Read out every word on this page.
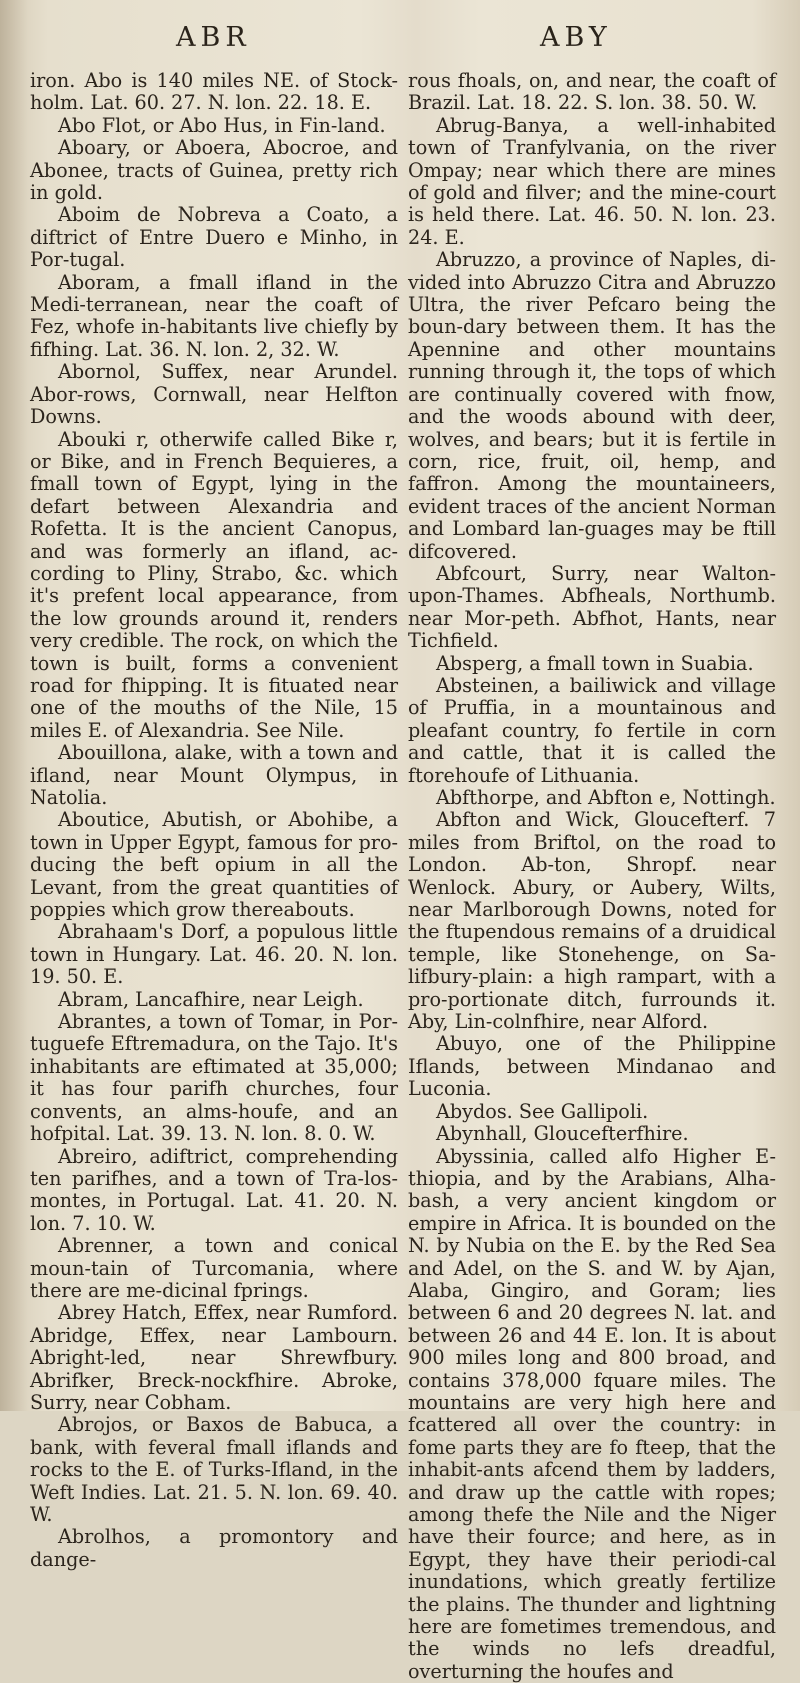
ABR	ABY

iron. Abo is 140 miles NE. of Stock-holm. Lat. 60. 27. N. lon. 22. 18. E.

Abo Flot, or Abo Hus, in Fin-land.

Aboary, or Aboera, Abocroe, and Abonee, tracts of Guinea, pretty rich in gold.

Aboim de Nobreva a Coato, a diftrict of Entre Duero e Minho, in Por-tugal.

Aboram, a fmall ifland in the Medi-terranean, near the coaft of Fez, whofe in-habitants live chiefly by fifhing. Lat. 36. N. lon. 2, 32. W.

Abornol, Suffex, near Arundel. Abor-rows, Cornwall, near Helfton Downs.

Abouki r, otherwife called Bike r, or Bike, and in French Bequieres, a fmall town of Egypt, lying in the defart between Alexandria and Rofetta. It is the ancient Canopus, and was formerly an ifland, ac-cording to Pliny, Strabo, &c. which it's prefent local appearance, from the low grounds around it, renders very credible. The rock, on which the town is built, forms a convenient road for fhipping. It is fituated near one of the mouths of the Nile, 15 miles E. of Alexandria. See Nile.

Abouillona, alake, with a town and ifland, near Mount Olympus, in Natolia.

Aboutice, Abutish, or Abohibe, a town in Upper Egypt, famous for pro-ducing the beft opium in all the Levant, from the great quantities of poppies which grow thereabouts.

Abrahaam's Dorf, a populous little town in Hungary. Lat. 46. 20. N. lon. 19. 50. E.

Abram, Lancafhire, near Leigh.

Abrantes, a town of Tomar, in Por-tuguefe Eftremadura, on the Tajo. It's inhabitants are eftimated at 35,000; it has four parifh churches, four convents, an alms-houfe, and an hofpital. Lat. 39. 13. N. lon. 8. 0. W.

Abreiro, adiftrict, comprehending ten parifhes, and a town of Tra-los-montes, in Portugal. Lat. 41. 20. N. lon. 7. 10. W.

Abrenner, a town and conical moun-tain of Turcomania, where there are me-dicinal fprings.

Abrey Hatch, Effex, near Rumford. Abridge, Effex, near Lambourn. Abright-led, near Shrewfbury. Abrifker, Breck-nockfhire. Abroke, Surry, near Cobham.

Abrojos, or Baxos de Babuca, a bank, with feveral fmall iflands and rocks to the E. of Turks-Ifland, in the Weft Indies. Lat. 21. 5. N. lon. 69. 40. W.

Abrolhos, a promontory and dange-

rous fhoals, on, and near, the coaft of Brazil. Lat. 18. 22. S. lon. 38. 50. W.

Abrug-Banya, a well-inhabited town of Tranfylvania, on the river Ompay; near which there are mines of gold and filver; and the mine-court is held there. Lat. 46. 50. N. lon. 23. 24. E.

Abruzzo, a province of Naples, di-vided into Abruzzo Citra and Abruzzo Ultra, the river Pefcaro being the boun-dary between them. It has the Apennine and other mountains running through it, the tops of which are continually covered with fnow, and the woods abound with deer, wolves, and bears; but it is fertile in corn, rice, fruit, oil, hemp, and faffron. Among the mountaineers, evident traces of the ancient Norman and Lombard lan-guages may be ftill difcovered.

Abfcourt, Surry, near Walton-upon-Thames. Abfheals, Northumb. near Mor-peth. Abfhot, Hants, near Tichfield.

Absperg, a fmall town in Suabia.

Absteinen, a bailiwick and village of Pruffia, in a mountainous and pleafant country, fo fertile in corn and cattle, that it is called the ftorehoufe of Lithuania.

Abfthorpe, and Abfton e, Nottingh.

Abfton and Wick, Gloucefterf. 7 miles from Briftol, on the road to London. Ab-ton, Shropf. near Wenlock. Abury, or Aubery, Wilts, near Marlborough Downs, noted for the ftupendous remains of a druidical temple, like Stonehenge, on Sa-lifbury-plain: a high rampart, with a pro-portionate ditch, furrounds it. Aby, Lin-colnfhire, near Alford.

Abuyo, one of the Philippine Iflands, between Mindanao and Luconia.

Abydos. See Gallipoli.

Abynhall, Gloucefterfhire.

Abyssinia, called alfo Higher E-thiopia, and by the Arabians, Alha-bash, a very ancient kingdom or empire in Africa. It is bounded on the N. by Nubia on the E. by the Red Sea and Adel, on the S. and W. by Ajan, Alaba, Gingiro, and Goram; lies between 6 and 20 degrees N. lat. and between 26 and 44 E. lon. It is about 900 miles long and 800 broad, and contains 378,000 fquare miles. The mountains are very high here and fcattered all over the country: in fome parts they are fo fteep, that the inhabit-ants afcend them by ladders, and draw up the cattle with ropes; among thefe the Nile and the Niger have their fource; and here, as in Egypt, they have their periodi-cal inundations, which greatly fertilize the plains. The thunder and lightning here are fometimes tremendous, and the winds no lefs dreadful, overturning the houfes and
